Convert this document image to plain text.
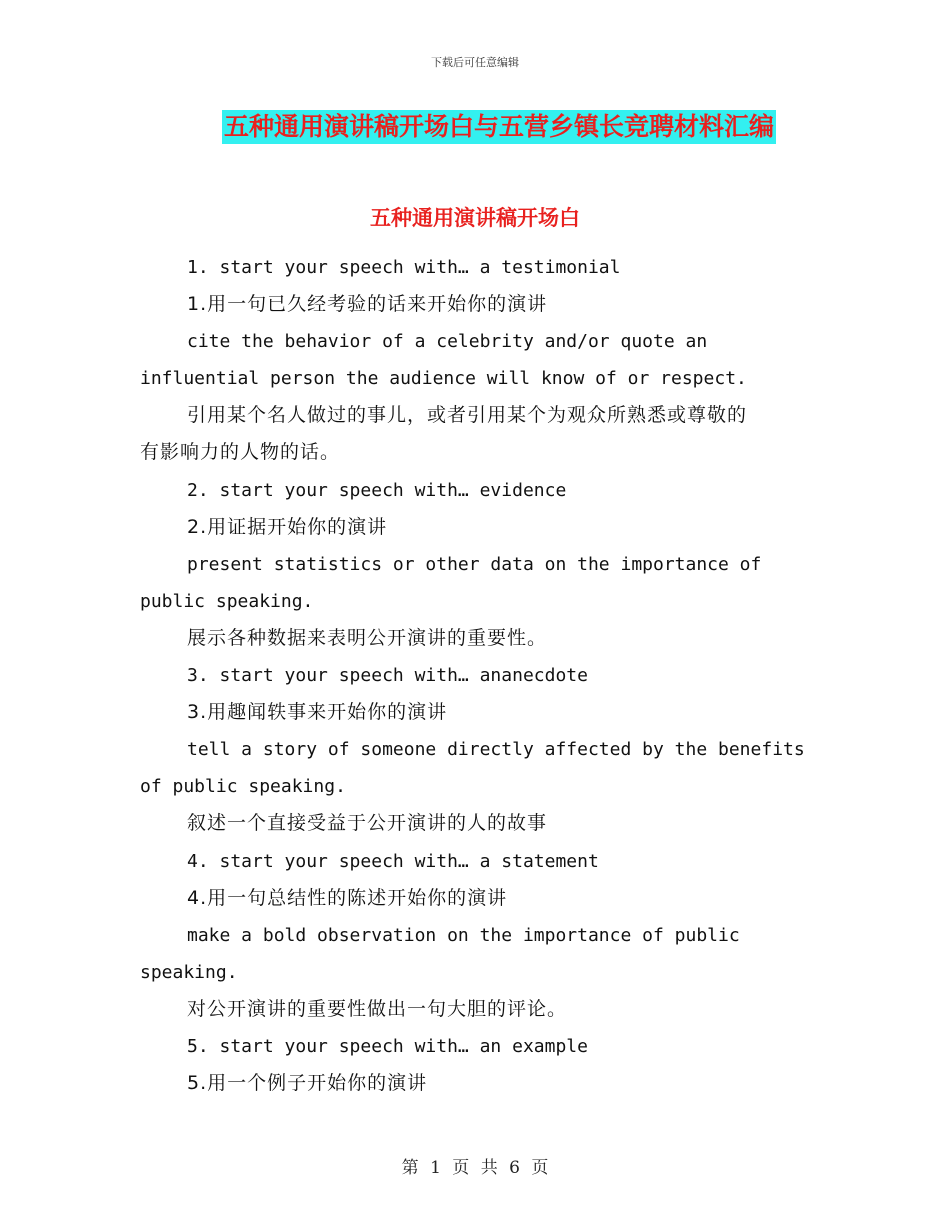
下载后可任意编辑
五种通用演讲稿开场白与五营乡镇长竞聘材料汇编
五种通用演讲稿开场白
1. start your speech with… a testimonial
1.用一句已久经考验的话来开始你的演讲
cite the behavior of a celebrity and/or quote an
influential person the audience will know of or respect.
引用某个名人做过的事儿，或者引用某个为观众所熟悉或尊敬的
有影响力的人物的话。
2. start your speech with… evidence
2.用证据开始你的演讲
present statistics or other data on the importance of
public speaking.
展示各种数据来表明公开演讲的重要性。
3. start your speech with… ananecdote
3.用趣闻轶事来开始你的演讲
tell a story of someone directly affected by the benefits
of public speaking.
叙述一个直接受益于公开演讲的人的故事
4. start your speech with… a statement
4.用一句总结性的陈述开始你的演讲
make a bold observation on the importance of public
speaking.
对公开演讲的重要性做出一句大胆的评论。
5. start your speech with… an example
5.用一个例子开始你的演讲
第 1 页 共 6 页
